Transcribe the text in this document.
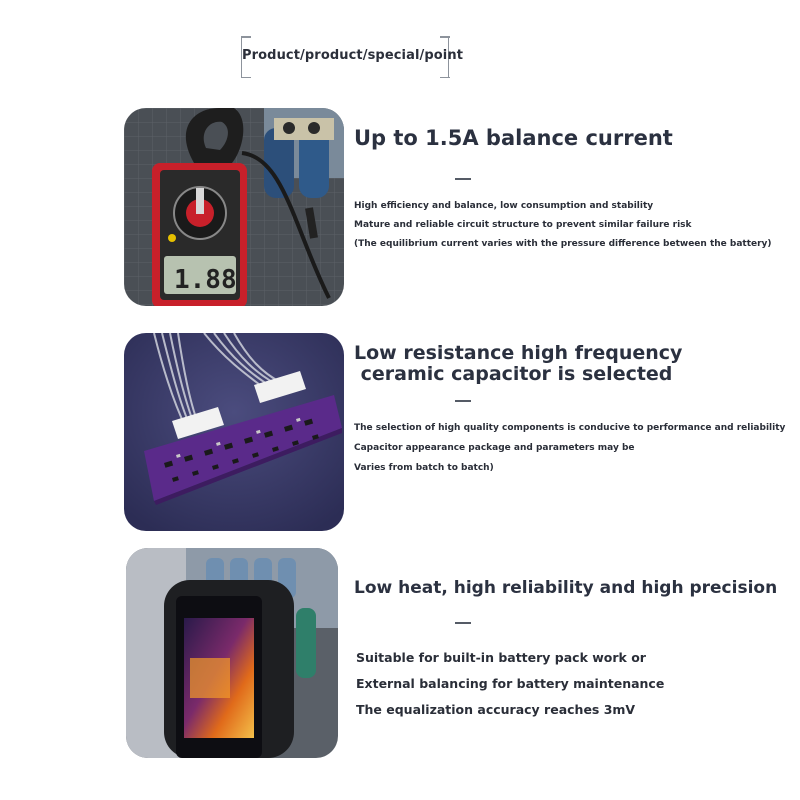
Product/product/special/point
1.88
Up to 1.5A balance current
High efficiency and balance, low consumption and stability
Mature and reliable circuit structure to prevent similar failure risk
(The equilibrium current varies with the pressure difference between the battery)
Low resistance high frequency
ceramic capacitor is selected
The selection of high quality components is conducive to performance and reliability
Capacitor appearance package and parameters may be
Varies from batch to batch)
Low heat, high reliability and high precision
Suitable for built-in battery pack work or
External balancing for battery maintenance
The equalization accuracy reaches 3mV
